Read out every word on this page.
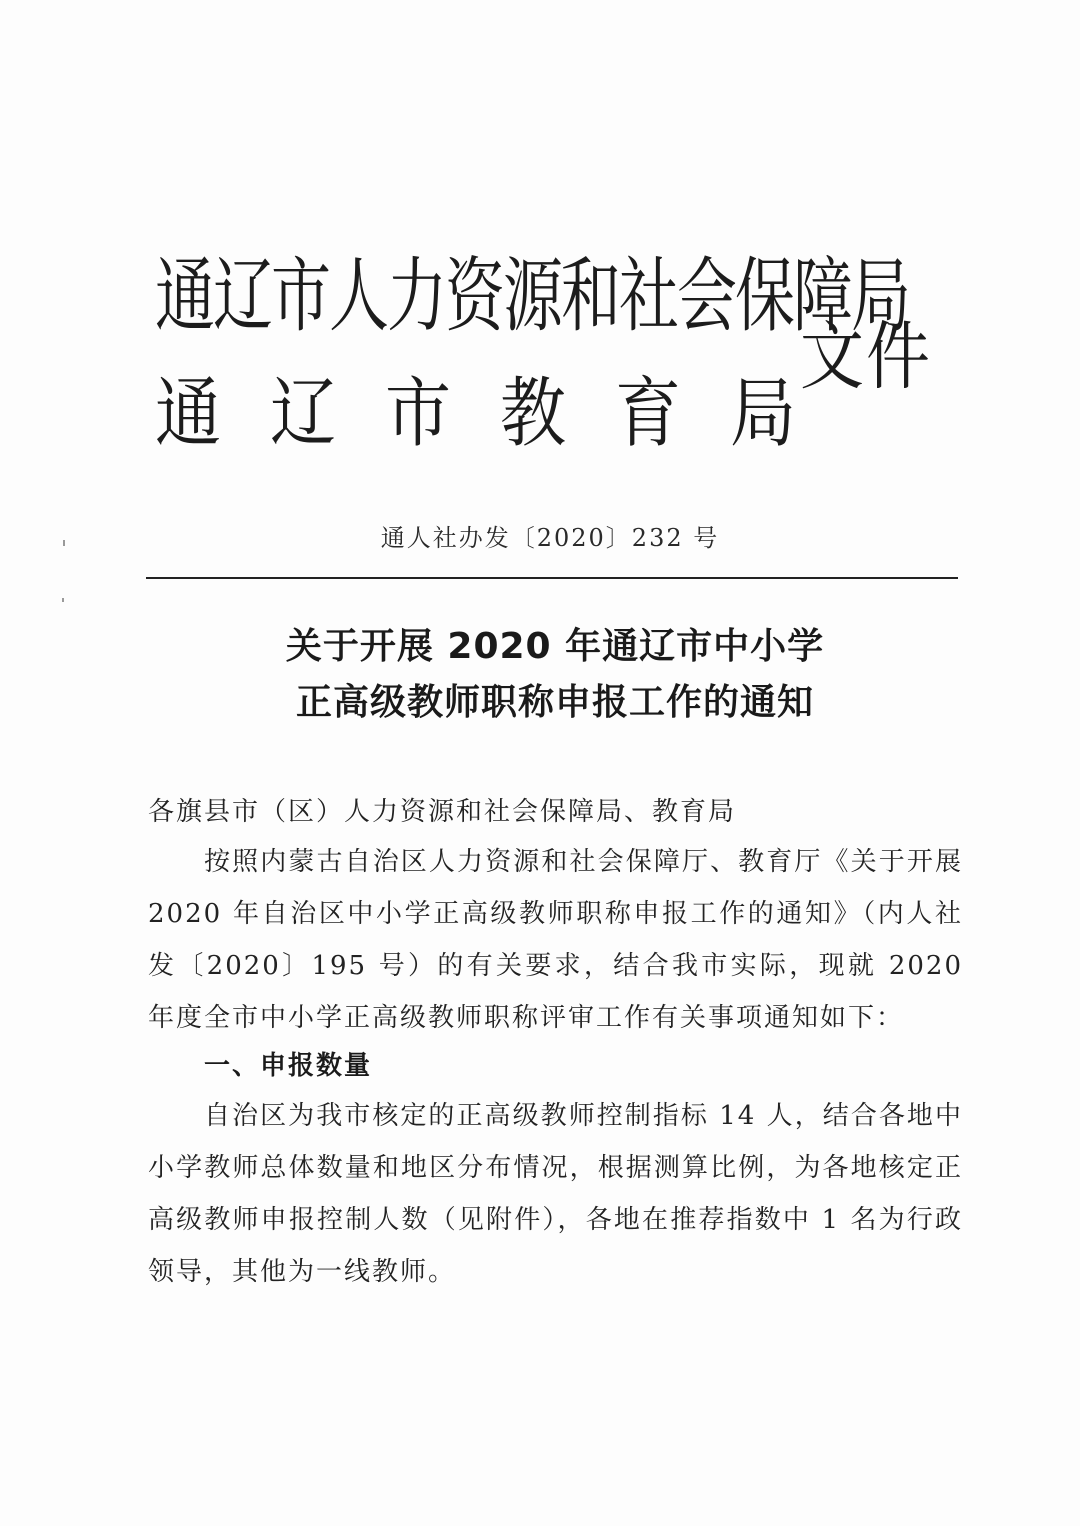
通辽市人力资源和社会保障局
通辽市教育局
文件
通人社办发〔2020〕232 号
关于开展 2020 年通辽市中小学
正高级教师职称申报工作的通知
各旗县市（区）人力资源和社会保障局、教育局
按照内蒙古自治区人力资源和社会保障厅、教育厅《关于开展 2020 年自治区中小学正高级教师职称申报工作的通知》（内人社发〔2020〕195 号）的有关要求，结合我市实际，现就 2020 年度全市中小学正高级教师职称评审工作有关事项通知如下：
一、申报数量
自治区为我市核定的正高级教师控制指标 14 人，结合各地中小学教师总体数量和地区分布情况，根据测算比例，为各地核定正高级教师申报控制人数（见附件），各地在推荐指数中 1 名为行政领导，其他为一线教师。
